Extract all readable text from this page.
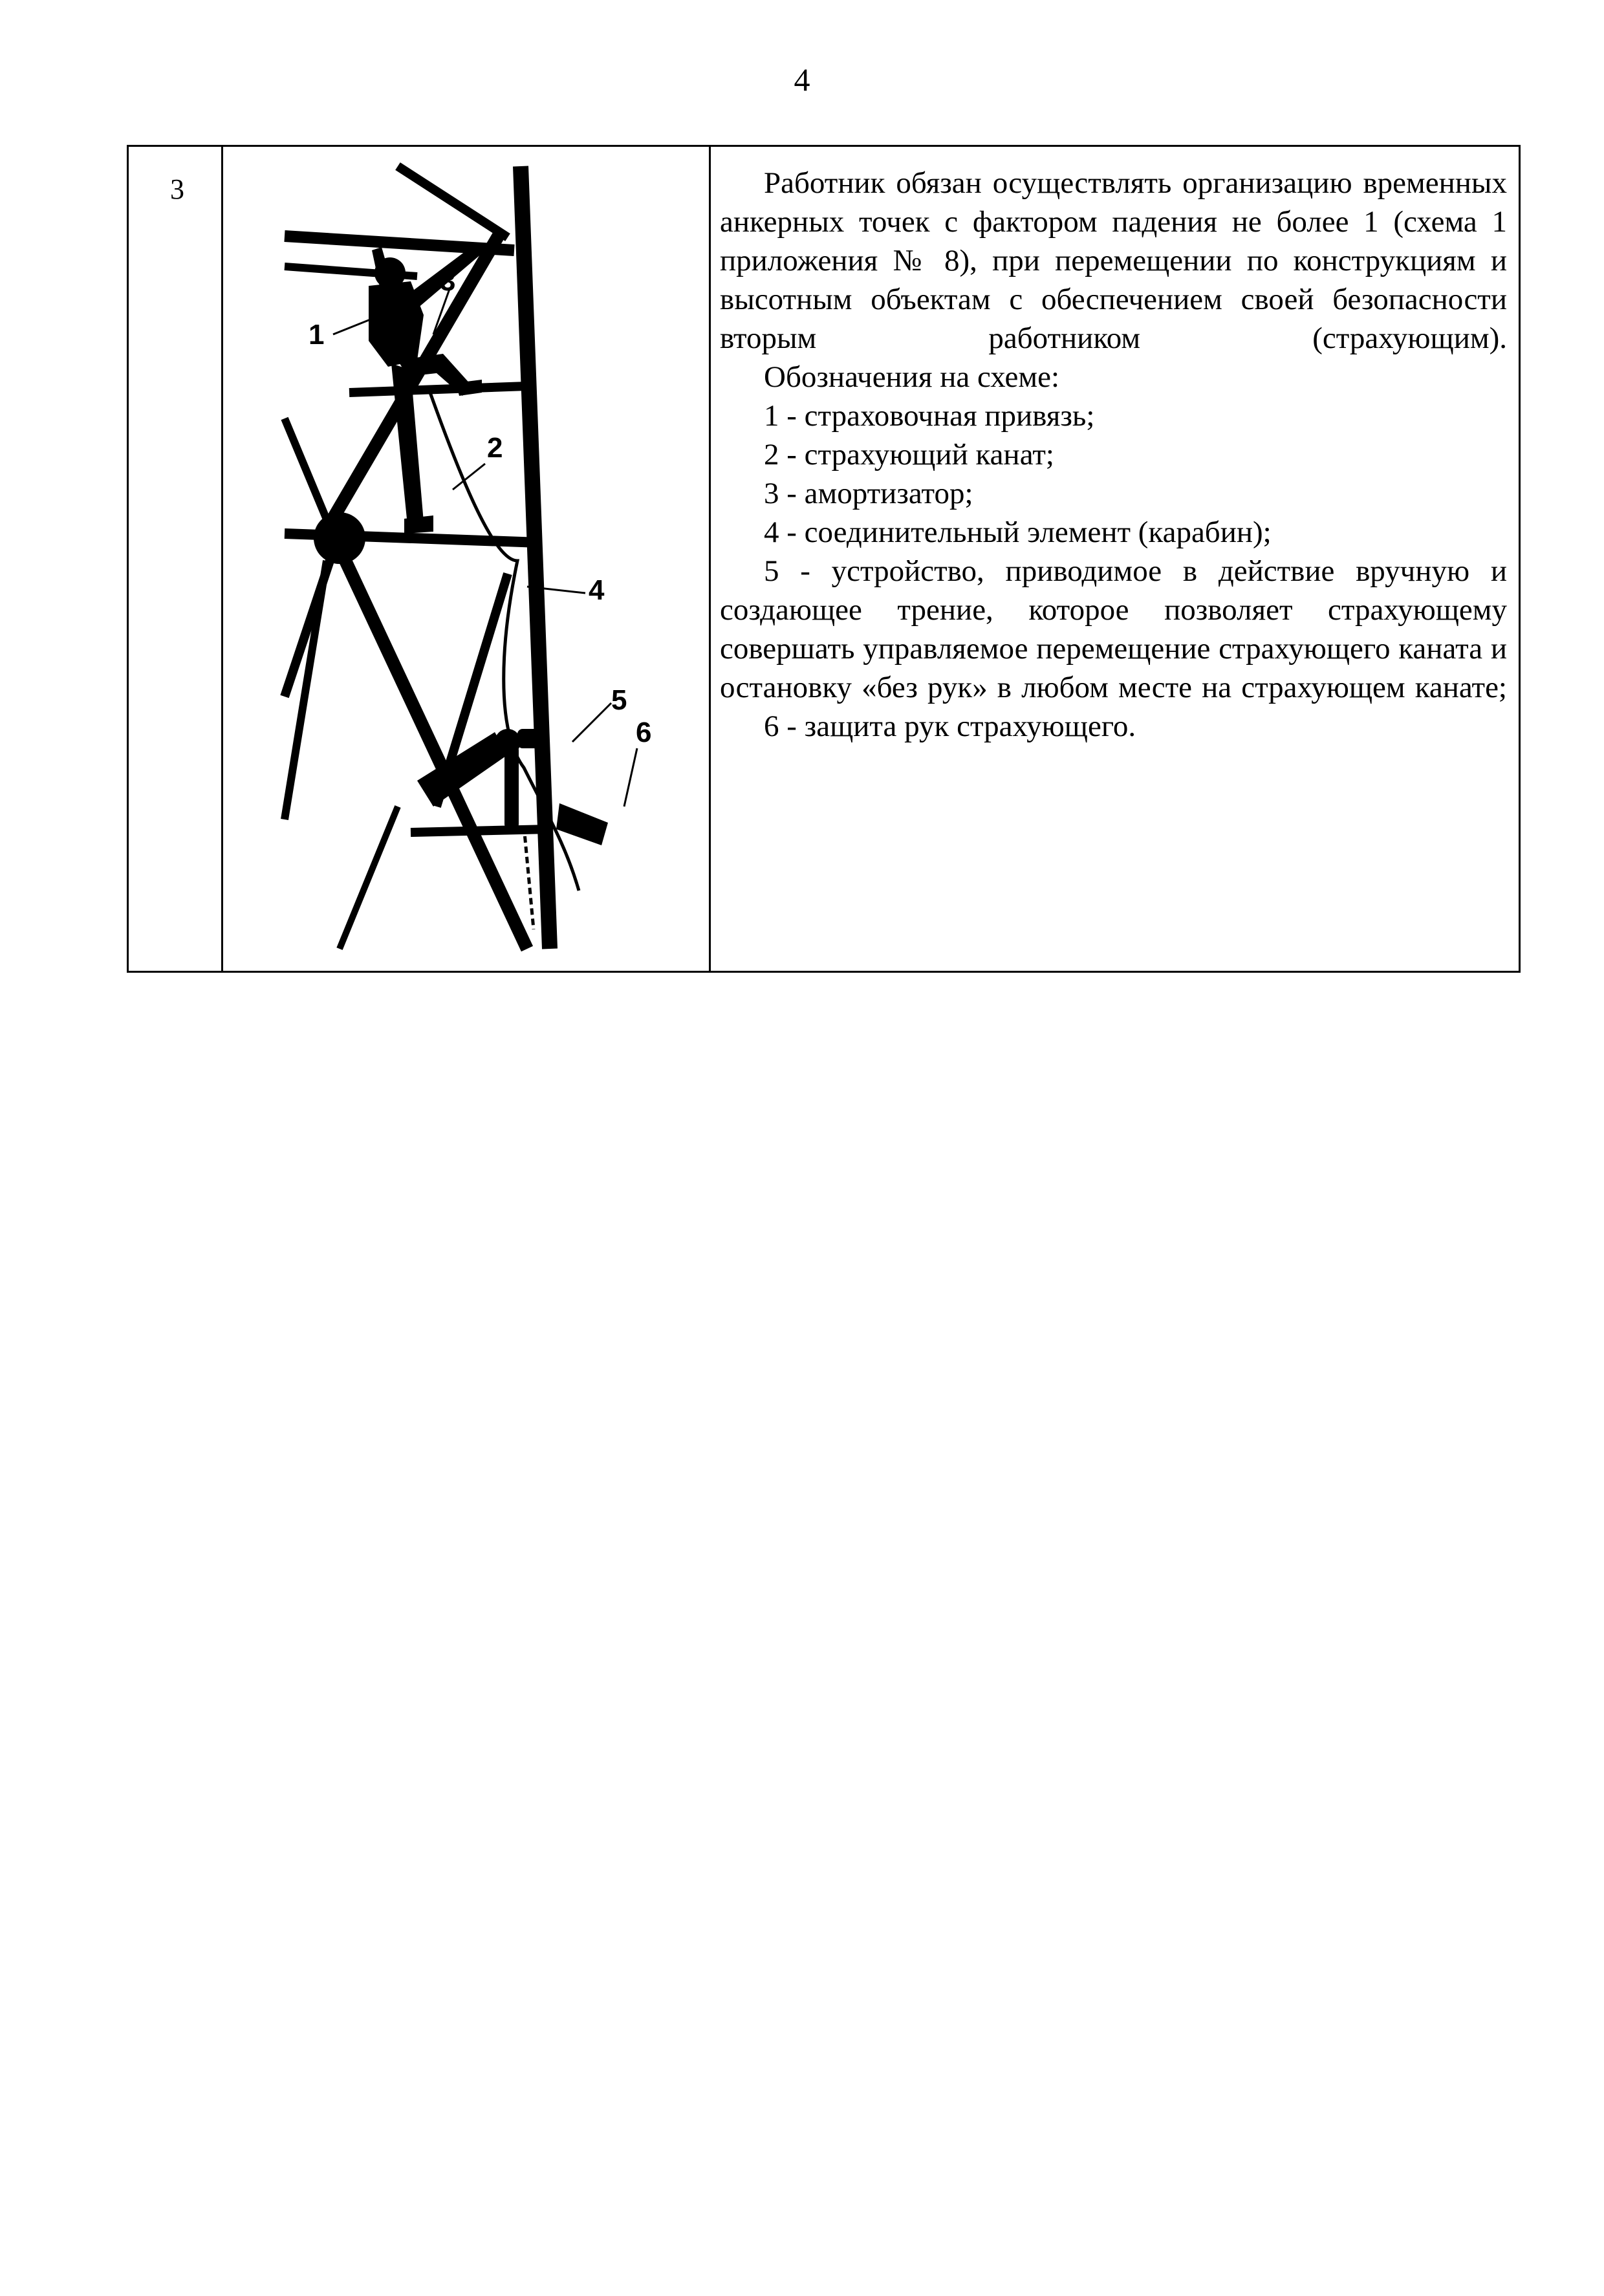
4
3
1
3
2
4
5
6

Работник обязан осуществлять организацию временных анкерных точек с фактором падения не более 1 (схема 1 приложения № 8), при перемещении по конструкциям и высотным объектам с обеспечением своей безопасности вторым работником (страхующим).

Обозначения на схеме:

1 - страховочная привязь;

2 - страхующий канат;

3 - амортизатор;

4 - соединительный элемент (карабин);

5 - устройство, приводимое в действие вручную и создающее трение, которое позволяет страхующему совершать управляемое перемещение страхующего каната и остановку «без рук» в любом месте на страхующем канате;

6 - защита рук страхующего.
